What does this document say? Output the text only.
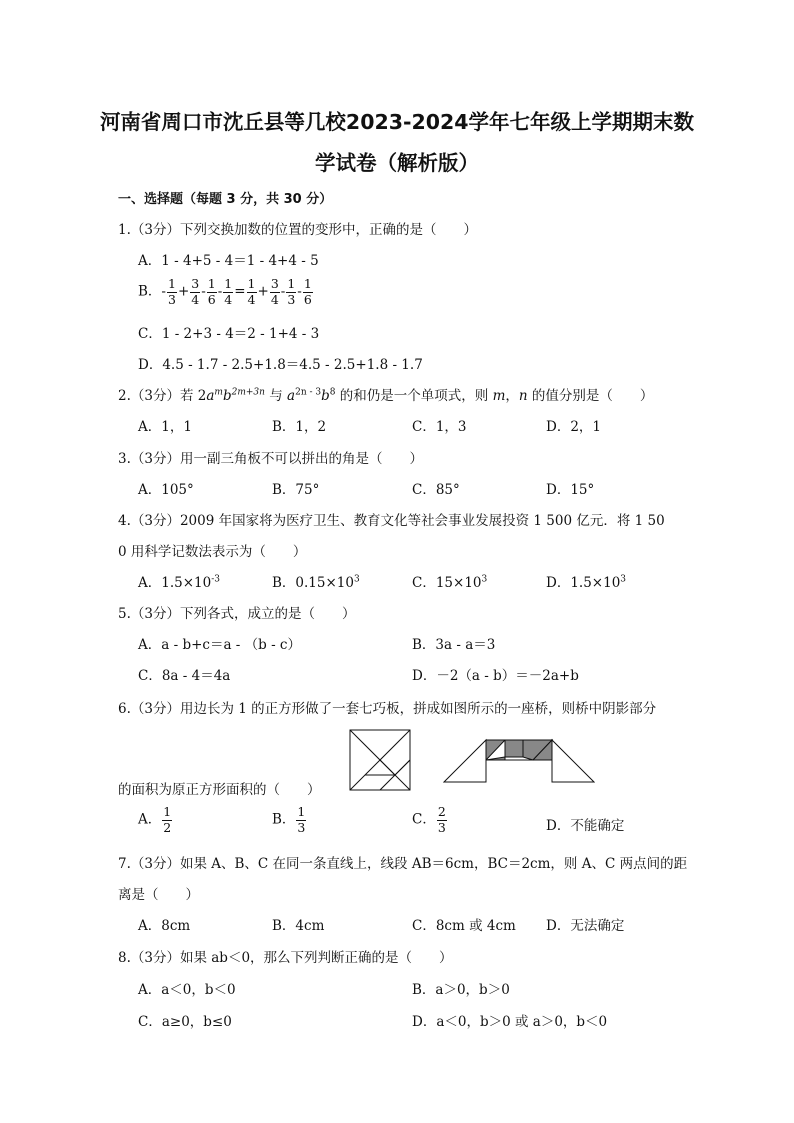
河南省周口市沈丘县等几校2023-2024学年七年级上学期期末数
学试卷（解析版）
一、选择题（每题 3 分，共 30 分）
1.（3分）下列交换加数的位置的变形中，正确的是（　　）
A．1 - 4+5 - 4＝1 - 4+4 - 5
B．- $\frac{1}{3} + \frac{3}{4} - \frac{1}{6} - \frac{1}{4} = \frac{1}{4} + \frac{3}{4} - \frac{1}{3} - \frac{1}{6}$
C．1 - 2+3 - 4＝2 - 1+4 - 3
D．4.5 - 1.7 - 2.5+1.8＝4.5 - 2.5+1.8 - 1.7
2.（3分）若 $2a^mb^{2m+3n}$ 与 $a^{2n - 3}b^8$ 的和仍是一个单项式，则 m，n 的值分别是（　　）
A．1，1	B．1，2	C．1，3	D．2，1
3.（3分）用一副三角板不可以拼出的角是（　　）
A．105°	B．75°	C．85°	D．15°
4.（3分）2009 年国家将为医疗卫生、教育文化等社会事业发展投资 1 500 亿元．将 1 50
0 用科学记数法表示为（　　）
A．$1.5\times 10^{-3}$	B．$0.15\times 10^3$	C．$15\times 10^3$	D．$1.5\times 10^3$
5.（3分）下列各式，成立的是（　　）
A．a - b+c＝a - （b - c）	B．3a - a＝3
C．8a - 4＝4a	D．－2（a - b）＝－2a+b
6.（3分）用边长为 1 的正方形做了一套七巧板，拼成如图所示的一座桥，则桥中阴影部分
的面积为原正方形面积的（　　）
A． $\frac{1}{2}$	B． $\frac{1}{3}$	C． $\frac{2}{3}$	D．不能确定
7.（3分）如果 A、B、C 在同一条直线上，线段 AB＝6cm，BC＝2cm，则 A、C 两点间的距
离是（　　）
A．8cm	B．4cm	C．8cm 或 4cm D．无法确定
8.（3分）如果 ab＜0，那么下列判断正确的是（　　）
A．a＜0，b＜0	B．a＞0，b＞0
C．a≥0，b≤0	D．a＜0，b＞0 或 a＞0，b＜0
